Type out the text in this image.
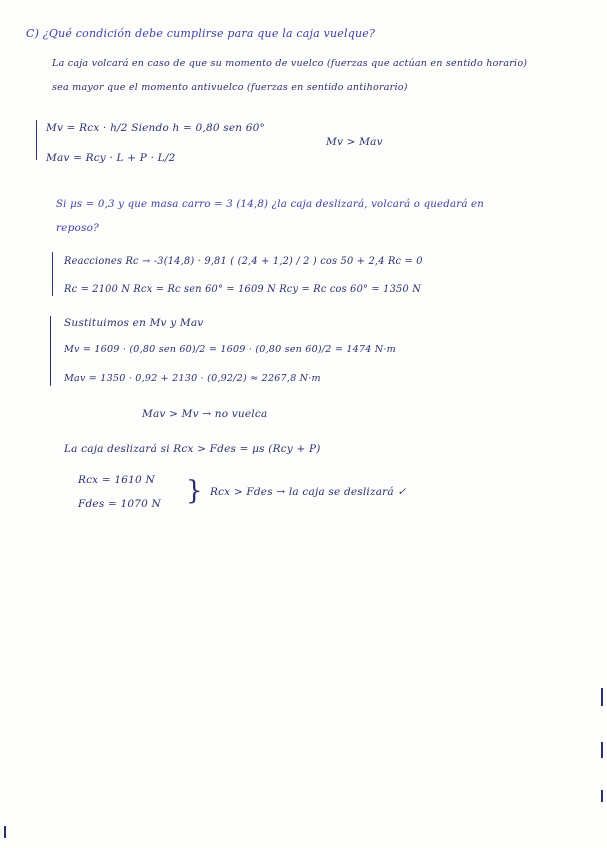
C) ¿Qué condición debe cumplirse para que la caja vuelque?
La caja volcará en caso de que su momento de vuelco (fuerzas que actúan en sentido horario)
sea mayor que el momento antivuelco (fuerzas en sentido antihorario)
Mv = Rcx · h/2 Siendo h = 0,80 sen 60°
Mav = Rcy · L + P · L/2
Mv > Mav
Si μs = 0,3 y que masa carro = 3 (14,8) ¿la caja deslizará, volcará o quedará en
reposo?
Reacciones Rc → -3(14,8) · 9,81 ( (2,4 + 1,2) / 2 ) cos 50 + 2,4 Rc = 0
Rc = 2100 N Rcx = Rc sen 60° = 1609 N Rcy = Rc cos 60° = 1350 N
Sustituimos en Mv y Mav
Mv = 1609 · (0,80 sen 60)/2 = 1609 · (0,80 sen 60)/2 = 1474 N·m
Mav = 1350 · 0,92 + 2130 · (0,92/2) ≈ 2267,8 N·m
Mav > Mv → no vuelca
La caja deslizará si Rcx > Fdes = μs (Rcy + P)
Rcx = 1610 N
Fdes = 1070 N } Rcx > Fdes → la caja se deslizará ✓
